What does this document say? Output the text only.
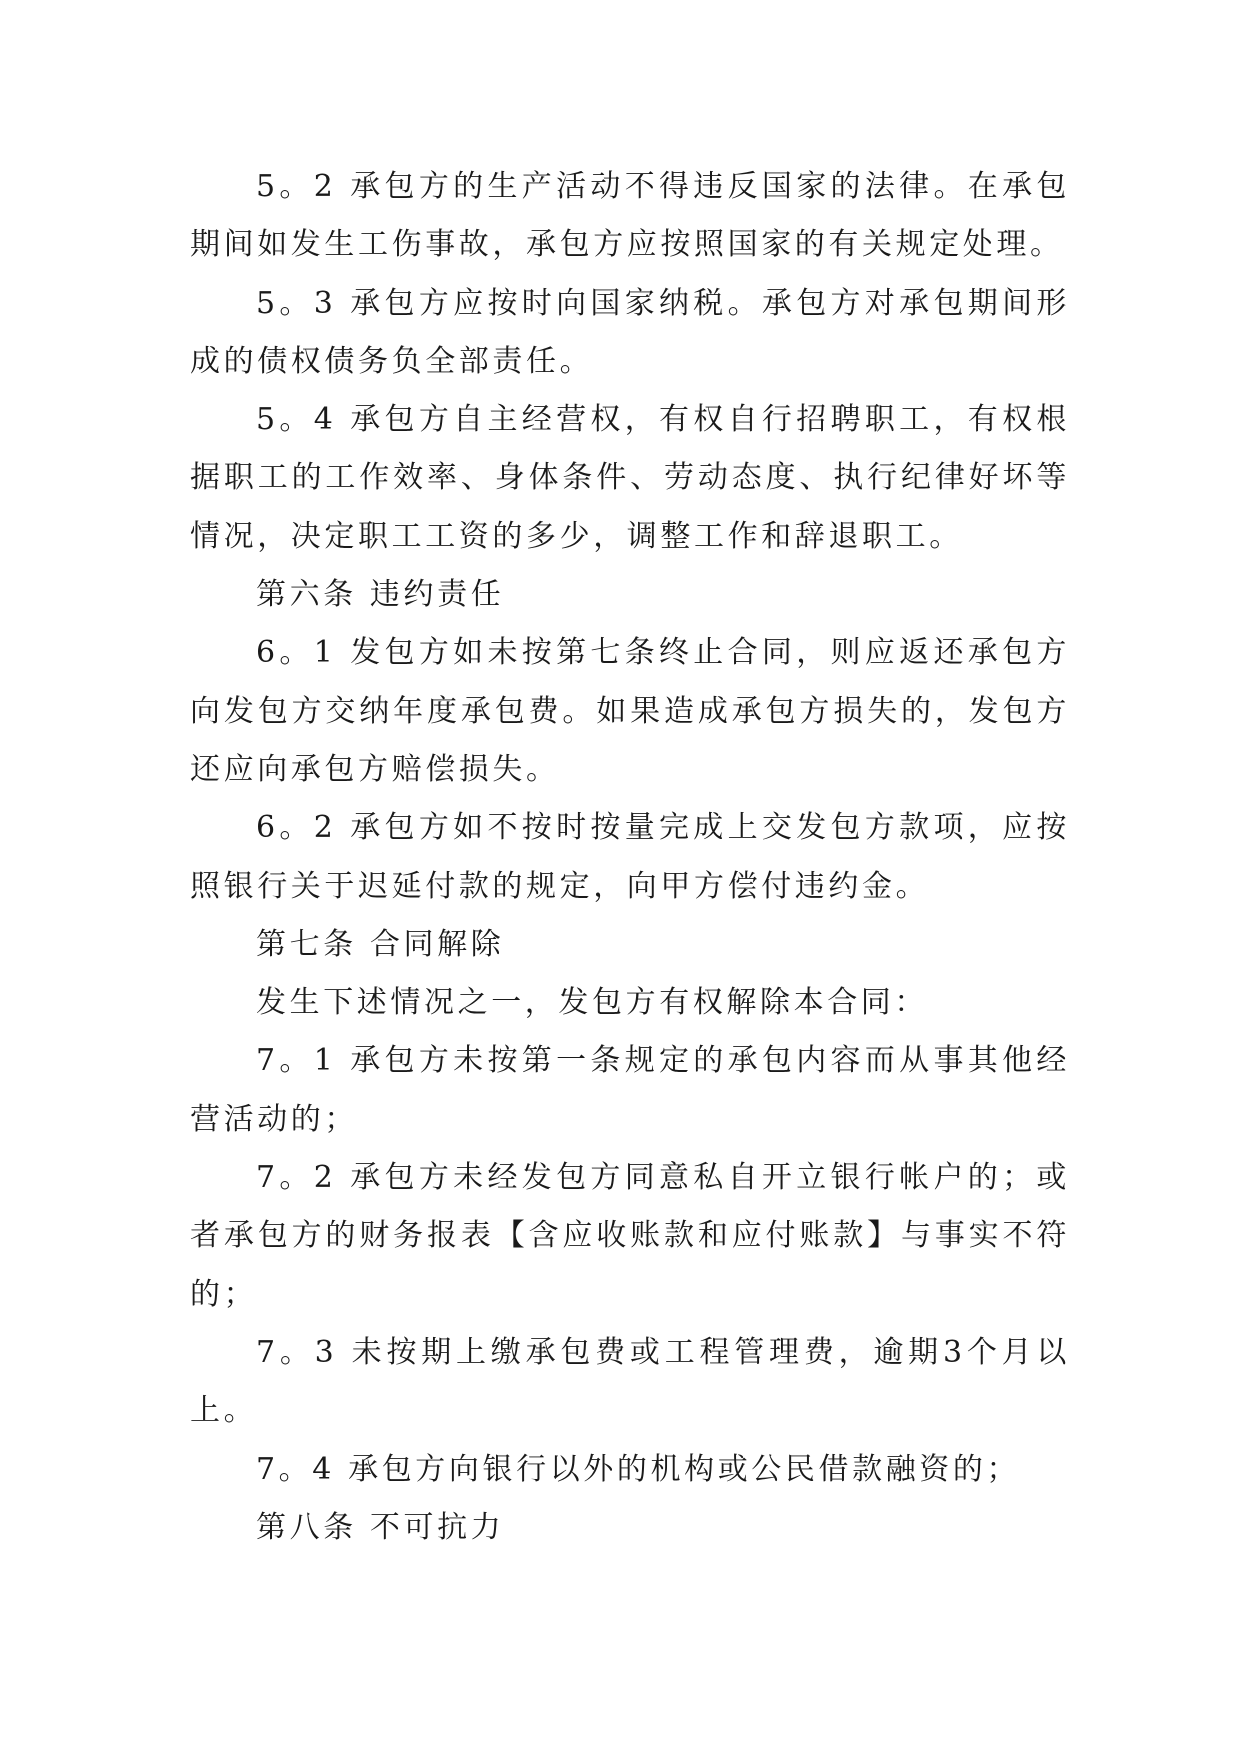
5。2 承包方的生产活动不得违反国家的法律。在承包期间如发生工伤事故，承包方应按照国家的有关规定处理。

5。3 承包方应按时向国家纳税。承包方对承包期间形成的债权债务负全部责任。

5。4 承包方自主经营权，有权自行招聘职工，有权根据职工的工作效率、身体条件、劳动态度、执行纪律好坏等情况，决定职工工资的多少，调整工作和辞退职工。

第六条 违约责任

6。1 发包方如未按第七条终止合同，则应返还承包方向发包方交纳年度承包费。如果造成承包方损失的，发包方还应向承包方赔偿损失。

6。2 承包方如不按时按量完成上交发包方款项，应按照银行关于迟延付款的规定，向甲方偿付违约金。

第七条 合同解除

发生下述情况之一，发包方有权解除本合同：

7。1 承包方未按第一条规定的承包内容而从事其他经营活动的；

7。2 承包方未经发包方同意私自开立银行帐户的；或者承包方的财务报表【含应收账款和应付账款】与事实不符的；

7。3 未按期上缴承包费或工程管理费，逾期3个月以上。

7。4 承包方向银行以外的机构或公民借款融资的；

第八条 不可抗力
